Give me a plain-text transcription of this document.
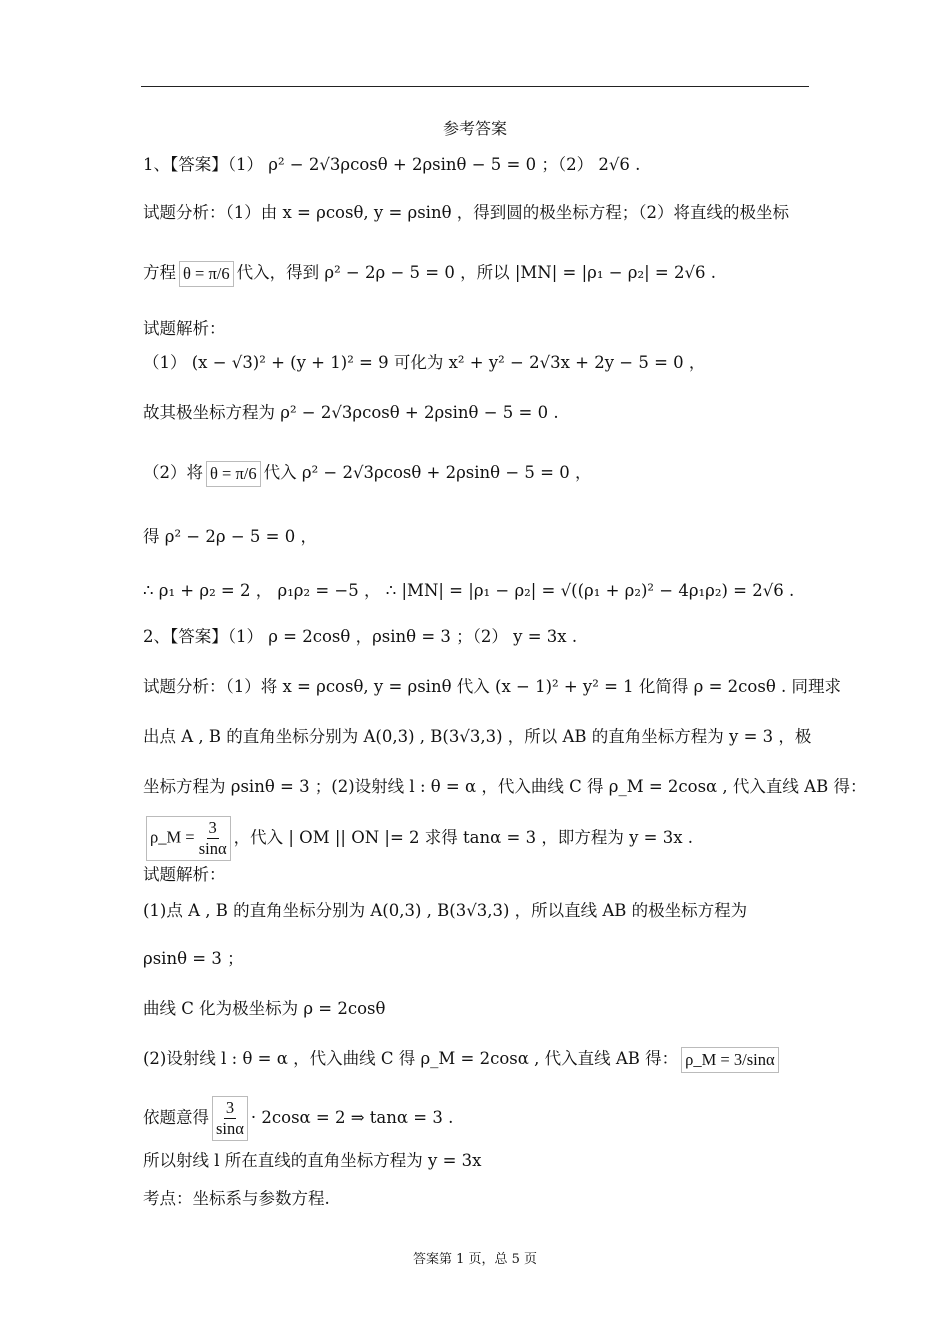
参考答案
1、【答案】（1） ρ² − 2√3ρcosθ + 2ρsinθ − 5 = 0 ；（2） 2√6 .
试题分析：（1）由 x = ρcosθ, y = ρsinθ ，得到圆的极坐标方程；（2）将直线的极坐标
方程 θ = π/6 代入，得到 ρ² − 2ρ − 5 = 0 ，所以 |MN| = |ρ₁ − ρ₂| = 2√6 .
试题解析：
（1） (x − √3)² + (y + 1)² = 9 可化为 x² + y² − 2√3x + 2y − 5 = 0 ，
故其极坐标方程为 ρ² − 2√3ρcosθ + 2ρsinθ − 5 = 0 .
（2）将 θ = π/6 代入 ρ² − 2√3ρcosθ + 2ρsinθ − 5 = 0 ，
得 ρ² − 2ρ − 5 = 0 ，
∴ ρ₁ + ρ₂ = 2 ， ρ₁ρ₂ = −5 ， ∴ |MN| = |ρ₁ − ρ₂| = √((ρ₁ + ρ₂)² − 4ρ₁ρ₂) = 2√6 .
2、【答案】（1） ρ = 2cosθ ，ρsinθ = 3 ；（2） y = 3x .
试题分析：（1）将 x = ρcosθ, y = ρsinθ 代入 (x − 1)² + y² = 1 化简得 ρ = 2cosθ . 同理求
出点 A , B 的直角坐标分别为 A(0,3) , B(3√3,3) ，所以 AB 的直角坐标方程为 y = 3 ，极
坐标方程为 ρsinθ = 3 ；(2)设射线 l : θ = α ，代入曲线 C 得 ρ_M = 2cosα , 代入直线 AB 得：
ρ_M = $\frac{3}{\sin\alpha}$ ，代入 | OM || ON |= 2 求得 tanα = 3 ，即方程为 y = 3x .
试题解析：
(1)点 A , B 的直角坐标分别为 A(0,3) , B(3√3,3) ，所以直线 AB 的极坐标方程为
ρsinθ = 3 ；
曲线 C 化为极坐标为 ρ = 2cosθ
(2)设射线 l : θ = α ，代入曲线 C 得 ρ_M = 2cosα , 代入直线 AB 得： ρ_M = 3/sinα
依题意得 $\frac{3}{\sin\alpha} \cdot 2\cos\alpha = 2$ ⇒ tanα = 3 .
所以射线 l 所在直线的直角坐标方程为 y = 3x
考点：坐标系与参数方程.
答案第 1 页，总 5 页
